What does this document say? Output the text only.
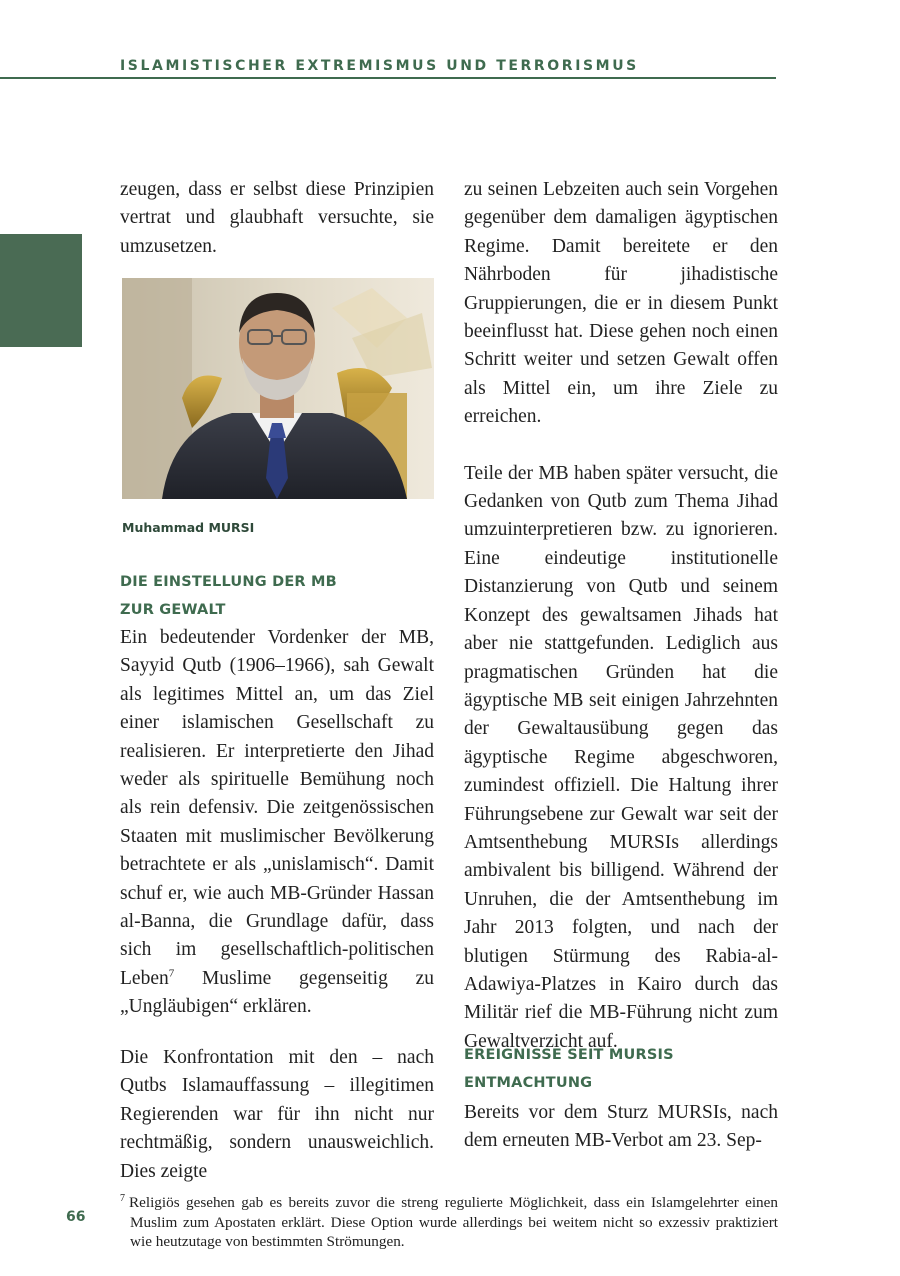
ISLAMISTISCHER EXTREMISMUS UND TERRORISMUS

zeugen, dass er selbst diese Prinzipien vertrat und glaubhaft versuchte, sie umzusetzen.

Muhammad MURSI

DIE EINSTELLUNG DER MB

ZUR GEWALT

Ein bedeutender Vordenker der MB, Sayyid Qutb (1906–1966), sah Gewalt als legitimes Mittel an, um das Ziel einer islamischen Gesellschaft zu realisieren. Er interpretierte den Jihad weder als spirituelle Bemühung noch als rein defensiv. Die zeitgenössischen Staaten mit muslimischer Bevölkerung betrachtete er als „unislamisch“. Damit schuf er, wie auch MB-Gründer Hassan al-Banna, die Grundlage dafür, dass sich im gesellschaftlich-politischen Leben$^7$ Muslime gegenseitig zu „Ungläubigen“ erklären.

Die Konfrontation mit den – nach Qutbs Islamauffassung – illegitimen Regierenden war für ihn nicht nur rechtmäßig, sondern unausweichlich. Dies zeigte

zu seinen Lebzeiten auch sein Vorgehen gegenüber dem damaligen ägyptischen Regime. Damit bereitete er den Nährboden für jihadistische Gruppierungen, die er in diesem Punkt beeinflusst hat. Diese gehen noch einen Schritt weiter und setzen Gewalt offen als Mittel ein, um ihre Ziele zu erreichen.

Teile der MB haben später versucht, die Gedanken von Qutb zum Thema Jihad umzuinterpretieren bzw. zu ignorieren. Eine eindeutige institutionelle Distanzierung von Qutb und seinem Konzept des gewaltsamen Jihads hat aber nie stattgefunden. Lediglich aus pragmatischen Gründen hat die ägyptische MB seit einigen Jahrzehnten der Gewaltausübung gegen das ägyptische Regime abgeschworen, zumindest offiziell. Die Haltung ihrer Führungsebene zur Gewalt war seit der Amtsenthebung MURSIs allerdings ambivalent bis billigend. Während der Unruhen, die der Amtsenthebung im Jahr 2013 folgten, und nach der blutigen Stürmung des Rabia-al-Adawiya-Platzes in Kairo durch das Militär rief die MB-Führung nicht zum Gewaltverzicht auf.

EREIGNISSE SEIT MURSIS

ENTMACHTUNG

Bereits vor dem Sturz MURSIs, nach dem erneuten MB-Verbot am 23. Sep-

66
$^7$ Religiös gesehen gab es bereits zuvor die streng regulierte Möglichkeit, dass ein Islamgelehrter einen Muslim zum Apostaten erklärt. Diese Option wurde allerdings bei weitem nicht so exzessiv praktiziert wie heutzutage von bestimmten Strömungen.
